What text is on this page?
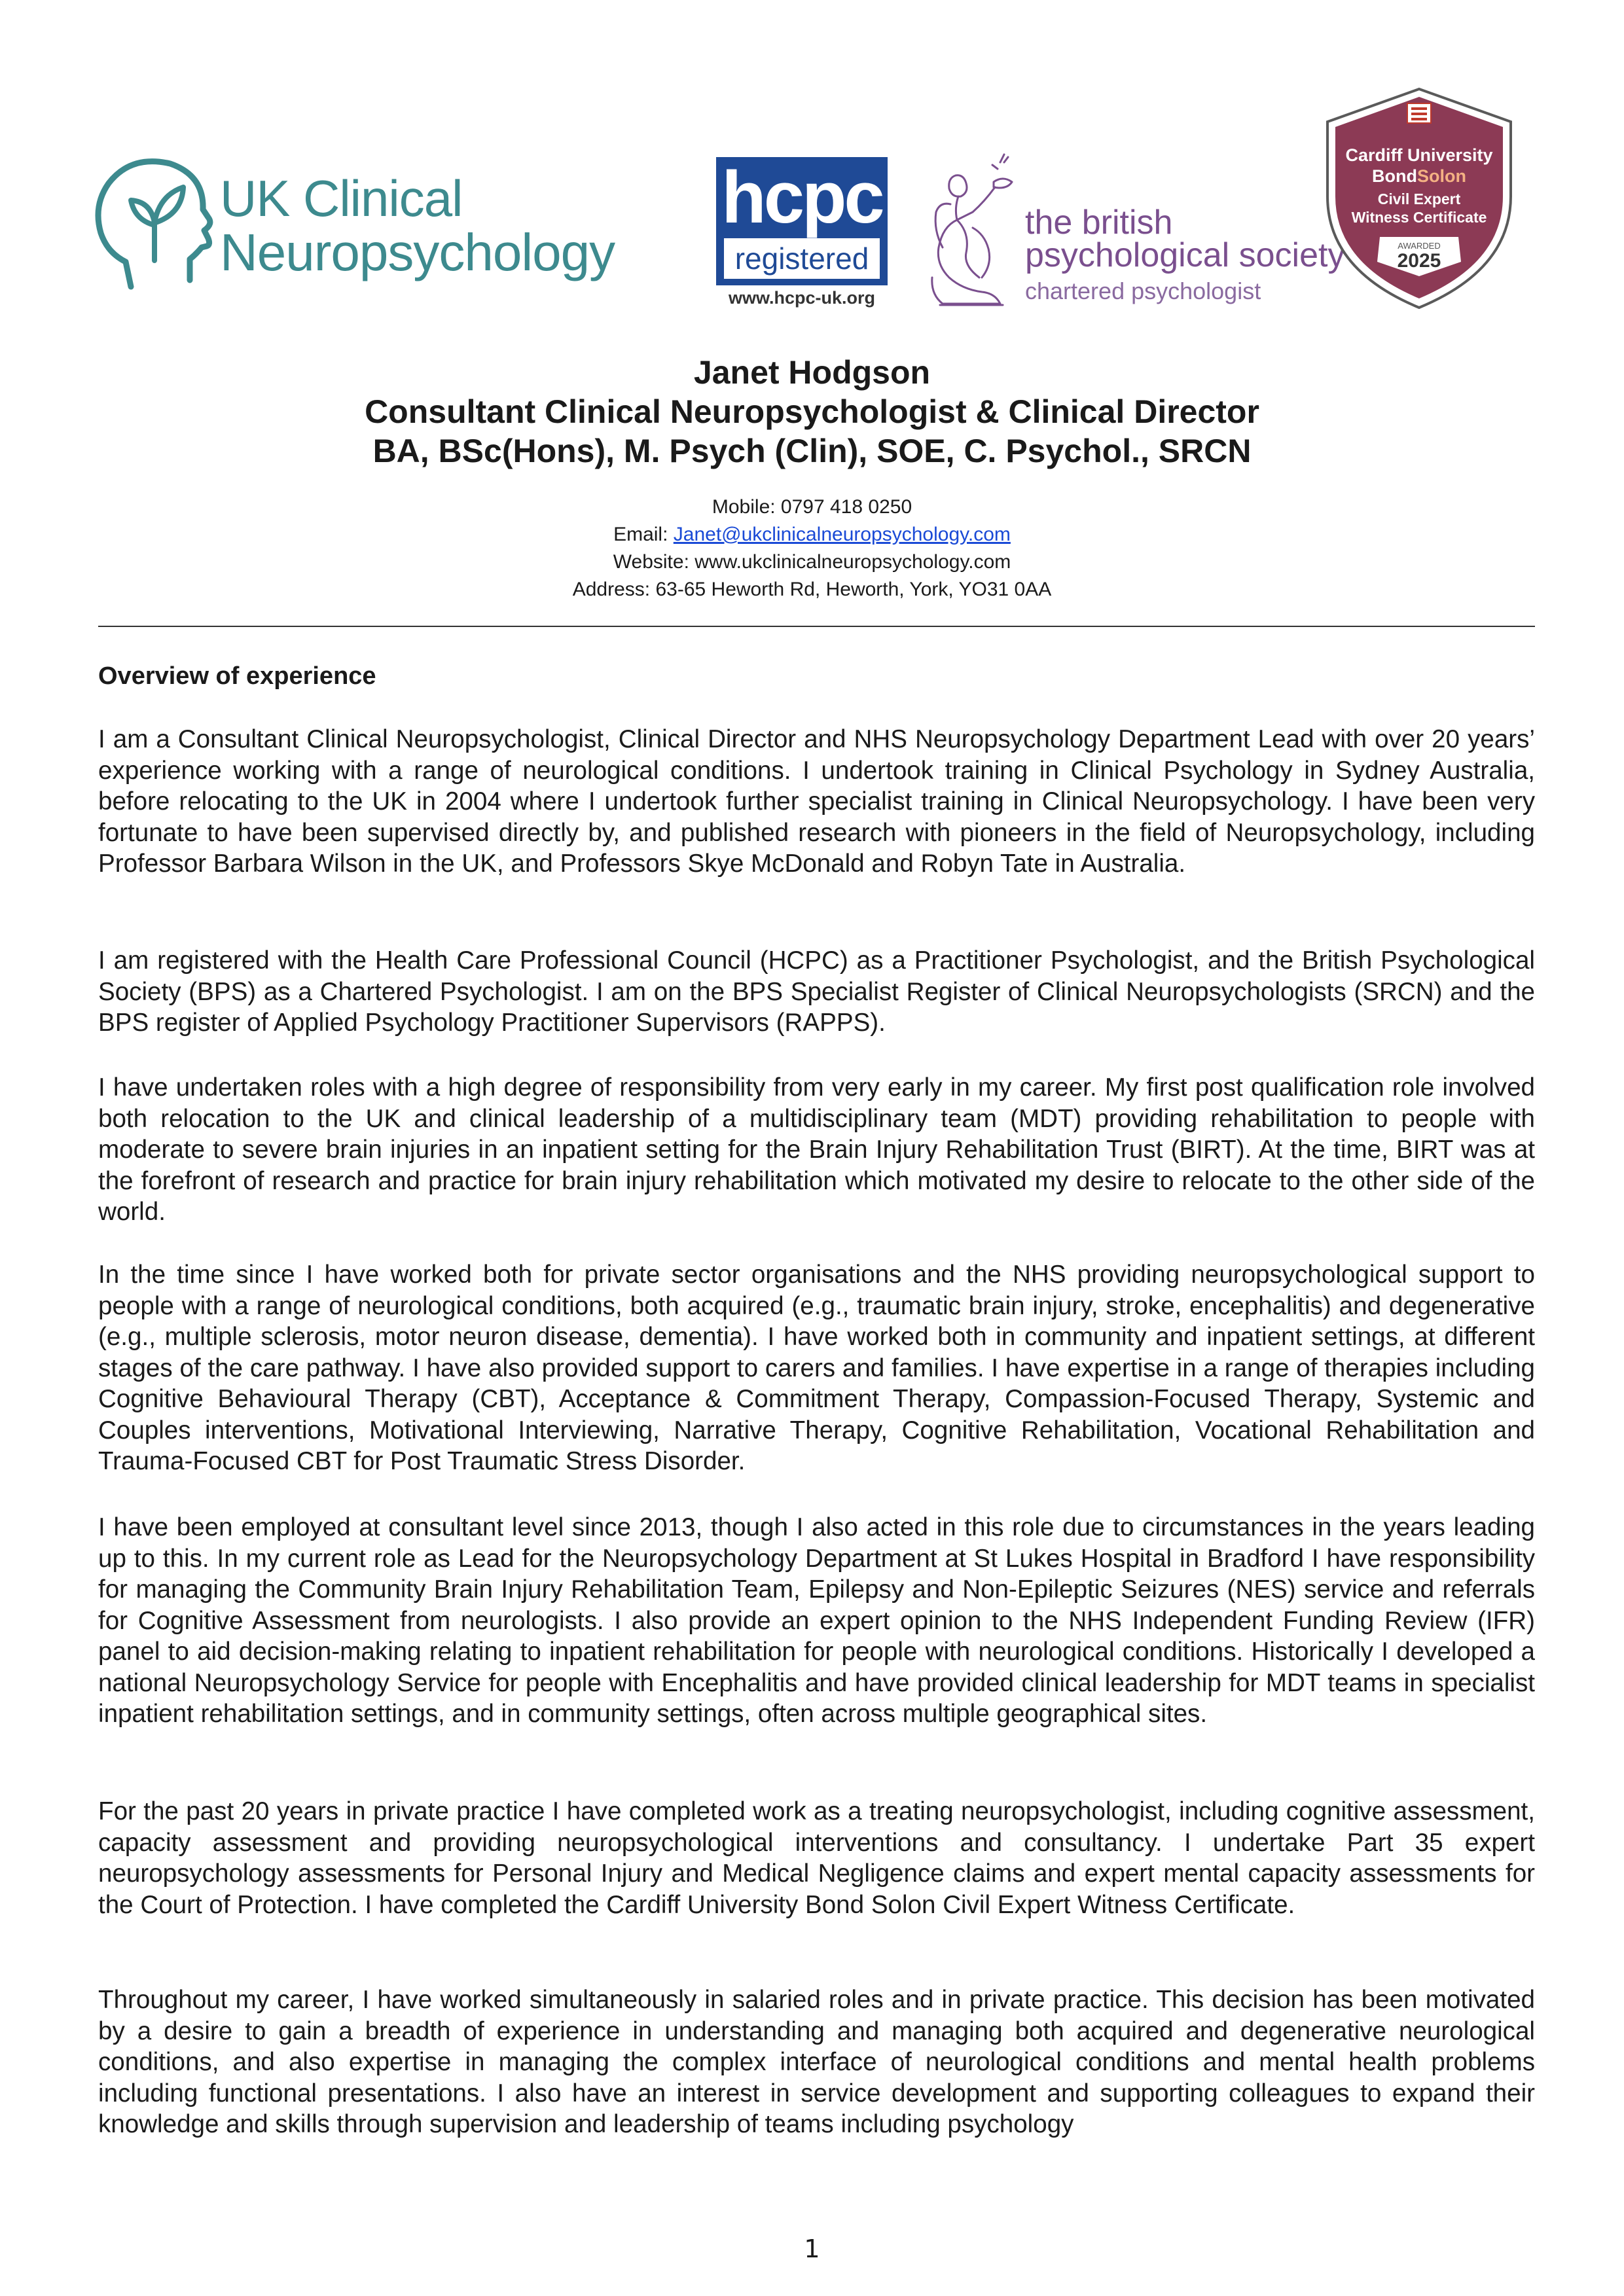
UK Clinical
Neuropsychology
hcpc
registered
www.hcpc-uk.org
the british
psychological society
chartered psychologist
Cardiff University
BondSolon
Civil Expert
Witness Certificate
AWARDED
2025
Janet Hodgson
Consultant Clinical Neuropsychologist & Clinical Director
BA, BSc(Hons), M. Psych (Clin), SOE, C. Psychol., SRCN
Mobile: 0797 418 0250
Email: Janet@ukclinicalneuropsychology.com
Website: www.ukclinicalneuropsychology.com
Address: 63-65 Heworth Rd, Heworth, York, YO31 0AA
Overview of experience

I am a Consultant Clinical Neuropsychologist, Clinical Director and NHS Neuropsychology Department Lead with over 20 years’ experience working with a range of neurological conditions. I undertook training in Clinical Psychology in Sydney Australia, before relocating to the UK in 2004 where I undertook further specialist training in Clinical Neuropsychology. I have been very fortunate to have been supervised directly by, and published research with pioneers in the field of Neuropsychology, including Professor Barbara Wilson in the UK, and Professors Skye McDonald and Robyn Tate in Australia.

I am registered with the Health Care Professional Council (HCPC) as a Practitioner Psychologist, and the British Psychological Society (BPS) as a Chartered Psychologist. I am on the BPS Specialist Register of Clinical Neuropsychologists (SRCN) and the BPS register of Applied Psychology Practitioner Supervisors (RAPPS).

I have undertaken roles with a high degree of responsibility from very early in my career. My first post qualification role involved both relocation to the UK and clinical leadership of a multidisciplinary team (MDT) providing rehabilitation to people with moderate to severe brain injuries in an inpatient setting for the Brain Injury Rehabilitation Trust (BIRT). At the time, BIRT was at the forefront of research and practice for brain injury rehabilitation which motivated my desire to relocate to the other side of the world.

In the time since I have worked both for private sector organisations and the NHS providing neuropsychological support to people with a range of neurological conditions, both acquired (e.g., traumatic brain injury, stroke, encephalitis) and degenerative (e.g., multiple sclerosis, motor neuron disease, dementia). I have worked both in community and inpatient settings, at different stages of the care pathway. I have also provided support to carers and families. I have expertise in a range of therapies including Cognitive Behavioural Therapy (CBT), Acceptance & Commitment Therapy, Compassion-Focused Therapy, Systemic and Couples interventions, Motivational Interviewing, Narrative Therapy, Cognitive Rehabilitation, Vocational Rehabilitation and Trauma-Focused CBT for Post Traumatic Stress Disorder.

I have been employed at consultant level since 2013, though I also acted in this role due to circumstances in the years leading up to this. In my current role as Lead for the Neuropsychology Department at St Lukes Hospital in Bradford I have responsibility for managing the Community Brain Injury Rehabilitation Team, Epilepsy and Non-Epileptic Seizures (NES) service and referrals for Cognitive Assessment from neurologists. I also provide an expert opinion to the NHS Independent Funding Review (IFR) panel to aid decision-making relating to inpatient rehabilitation for people with neurological conditions. Historically I developed a national Neuropsychology Service for people with Encephalitis and have provided clinical leadership for MDT teams in specialist inpatient rehabilitation settings, and in community settings, often across multiple geographical sites.

For the past 20 years in private practice I have completed work as a treating neuropsychologist, including cognitive assessment, capacity assessment and providing neuropsychological interventions and consultancy. I undertake Part 35 expert neuropsychology assessments for Personal Injury and Medical Negligence claims and expert mental capacity assessments for the Court of Protection. I have completed the Cardiff University Bond Solon Civil Expert Witness Certificate.

Throughout my career, I have worked simultaneously in salaried roles and in private practice. This decision has been motivated by a desire to gain a breadth of experience in understanding and managing both acquired and degenerative neurological conditions, and also expertise in managing the complex interface of neurological conditions and mental health problems including functional presentations. I also have an interest in service development and supporting colleagues to expand their knowledge and skills through supervision and leadership of teams including psychology

1
